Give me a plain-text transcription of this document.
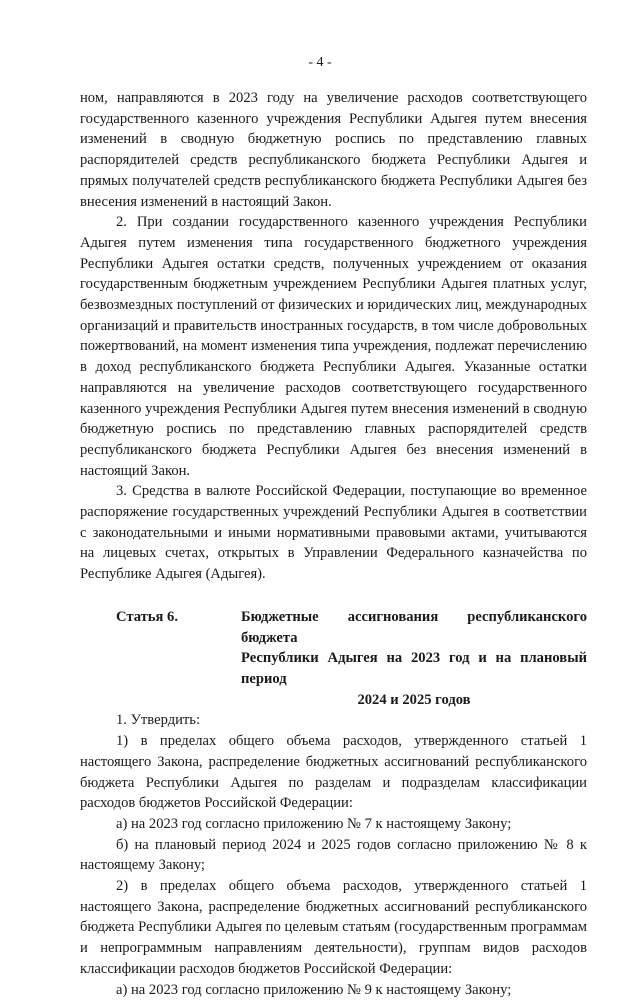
- 4 -

ном, направляются в 2023 году на увеличение расходов соответствующего государственного казенного учреждения Республики Адыгея путем внесения изменений в сводную бюджетную роспись по представлению главных распорядителей средств республиканского бюджета Республики Адыгея и прямых получателей средств республиканского бюджета Республики Адыгея без внесения изменений в настоящий Закон.

2. При создании государственного казенного учреждения Республики Адыгея путем изменения типа государственного бюджетного учреждения Республики Адыгея остатки средств, полученных учреждением от оказания государственным бюджетным учреждением Республики Адыгея платных услуг, безвозмездных поступлений от физических и юридических лиц, международных организаций и правительств иностранных государств, в том числе добровольных пожертвований, на момент изменения типа учреждения, подлежат перечислению в доход республиканского бюджета Республики Адыгея. Указанные остатки направляются на увеличение расходов соответствующего государственного казенного учреждения Республики Адыгея путем внесения изменений в сводную бюджетную роспись по представлению главных распорядителей средств республиканского бюджета Республики Адыгея без внесения изменений в настоящий Закон.

3. Средства в валюте Российской Федерации, поступающие во временное распоряжение государственных учреждений Республики Адыгея в соответствии с законодательными и иными нормативными правовыми актами, учитываются на лицевых счетах, открытых в Управлении Федерального казначейства по Республике Адыгея (Адыгея).

Статья 6.	Бюджетные ассигнования республиканского бюджета
Республики Адыгея на 2023 год и на плановый период
2024 и 2025 годов

1. Утвердить:

1) в пределах общего объема расходов, утвержденного статьей 1 настоящего Закона, распределение бюджетных ассигнований республиканского бюджета Республики Адыгея по разделам и подразделам классификации расходов бюджетов Российской Федерации:

а) на 2023 год согласно приложению № 7 к настоящему Закону;

б) на плановый период 2024 и 2025 годов согласно приложению № 8 к настоящему Закону;

2) в пределах общего объема расходов, утвержденного статьей 1 настоящего Закона, распределение бюджетных ассигнований республиканского бюджета Республики Адыгея по целевым статьям (государственным программам и непрограммным направлениям деятельности), группам видов расходов классификации расходов бюджетов Российской Федерации:

а) на 2023 год согласно приложению № 9 к настоящему Закону;
